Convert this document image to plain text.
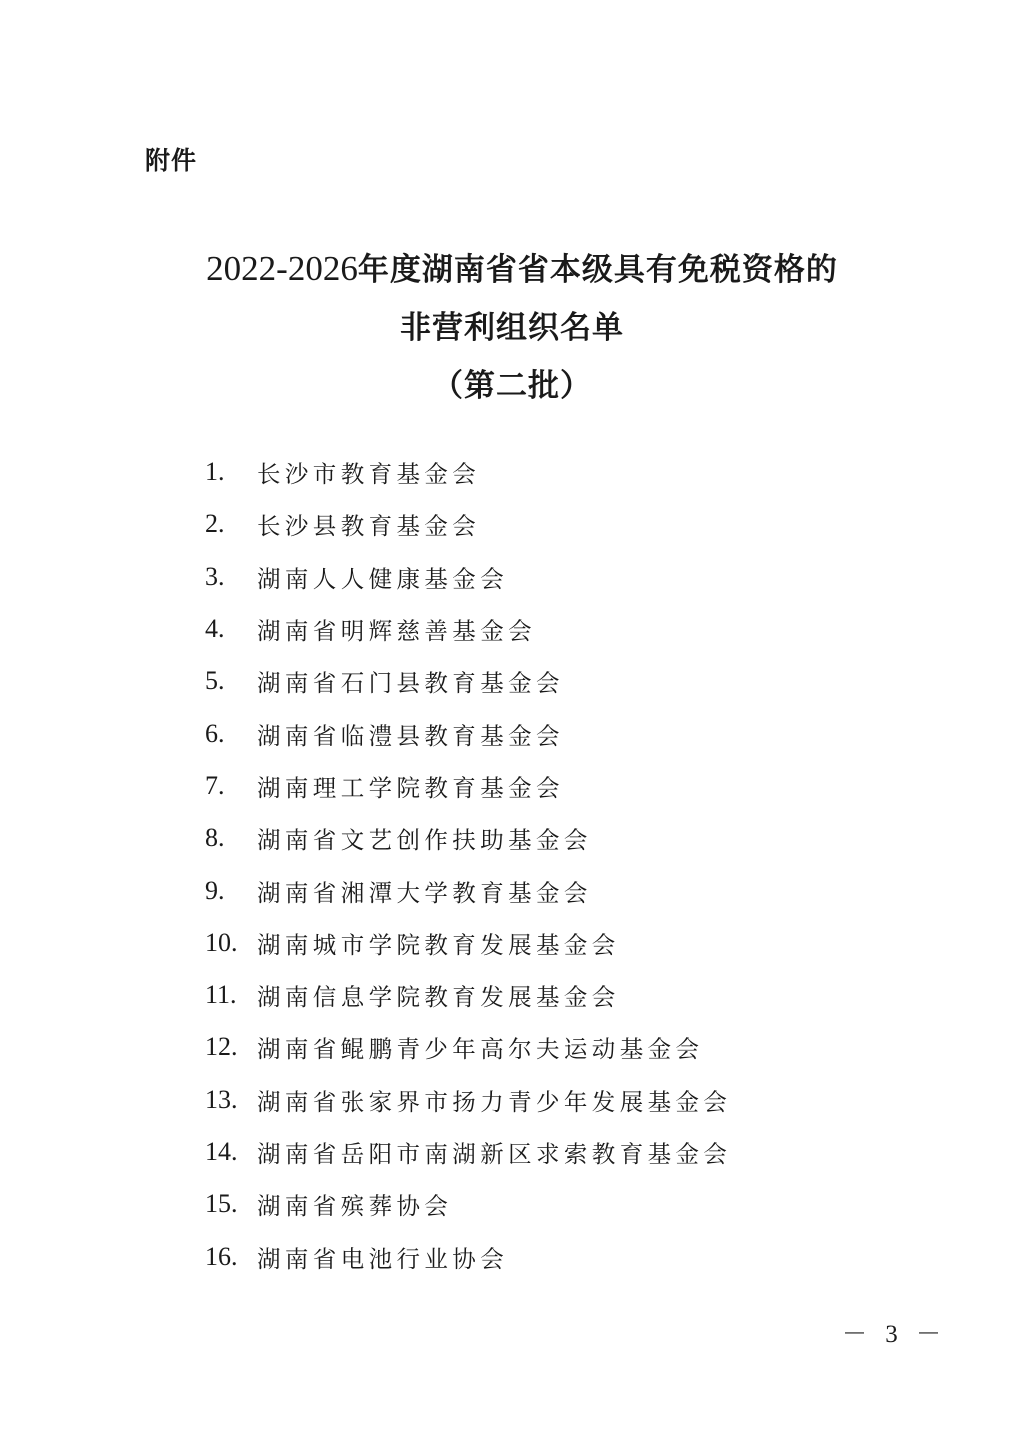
附件
2022-2026年度湖南省省本级具有免税资格的
非营利组织名单
（第二批）
1.	长沙市教育基金会
2.	长沙县教育基金会
3.	湖南人人健康基金会
4.	湖南省明辉慈善基金会
5.	湖南省石门县教育基金会
6.	湖南省临澧县教育基金会
7.	湖南理工学院教育基金会
8.	湖南省文艺创作扶助基金会
9.	湖南省湘潭大学教育基金会
10. 湖南城市学院教育发展基金会
11. 湖南信息学院教育发展基金会
12. 湖南省鲲鹏青少年高尔夫运动基金会
13. 湖南省张家界市扬力青少年发展基金会
14. 湖南省岳阳市南湖新区求索教育基金会
15. 湖南省殡葬协会
16. 湖南省电池行业协会
－ 3 －
